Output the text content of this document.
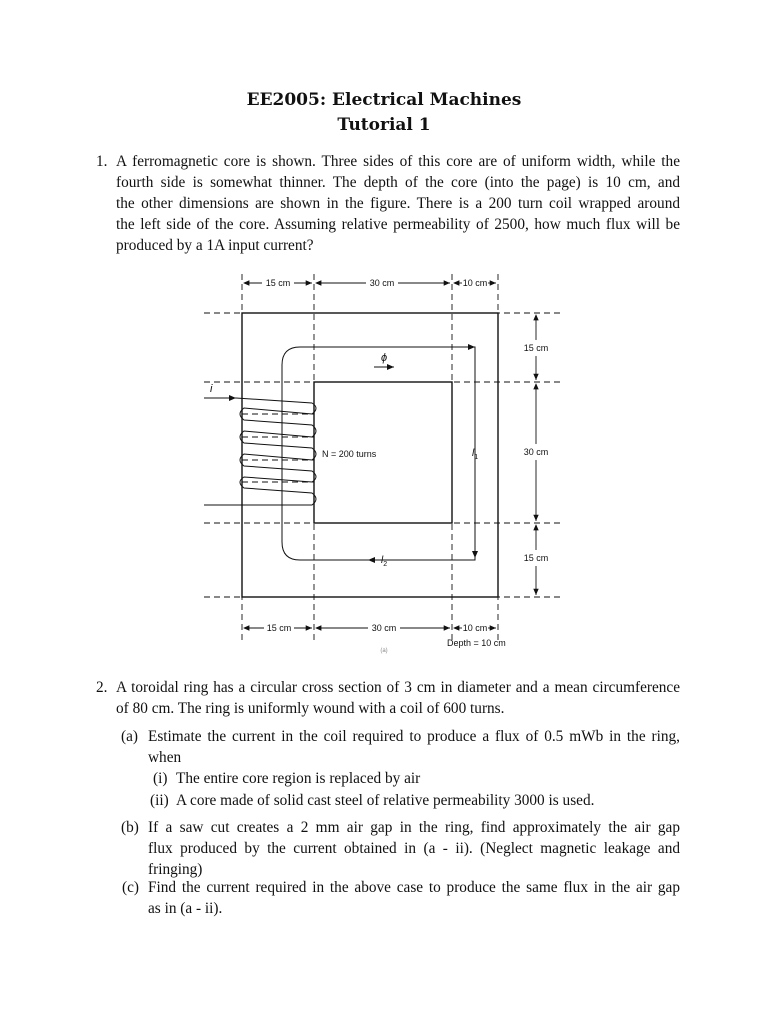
EE2005: Electrical Machines
Tutorial 1
1. A ferromagnetic core is shown. Three sides of this core are of uniform width, while the
fourth side is somewhat thinner. The depth of the core (into the page) is 10 cm, and
the other dimensions are shown in the figure. There is a 200 turn coil wrapped around
the left side of the core. Assuming relative permeability of 2500, how much flux will be
produced by a 1A input current?
15 cm	30 cm	10 cm
15 cm	30 cm	10 cm
15 cm
30 cm
15 cm
N = 200 turns
Depth = 10 cm
(a)
ϕ
i
$l_1$
$l_2$
2. A toroidal ring has a circular cross section of 3 cm in diameter and a mean circumference
of 80 cm. The ring is uniformly wound with a coil of 600 turns.
(a) Estimate the current in the coil required to produce a flux of 0.5 mWb in the ring,
when
(i) The entire core region is replaced by air
(ii) A core made of solid cast steel of relative permeability 3000 is used.
(b) If a saw cut creates a 2 mm air gap in the ring, find approximately the air gap
flux produced by the current obtained in (a - ii). (Neglect magnetic leakage and
fringing)
(c) Find the current required in the above case to produce the same flux in the air gap
as in (a - ii).
